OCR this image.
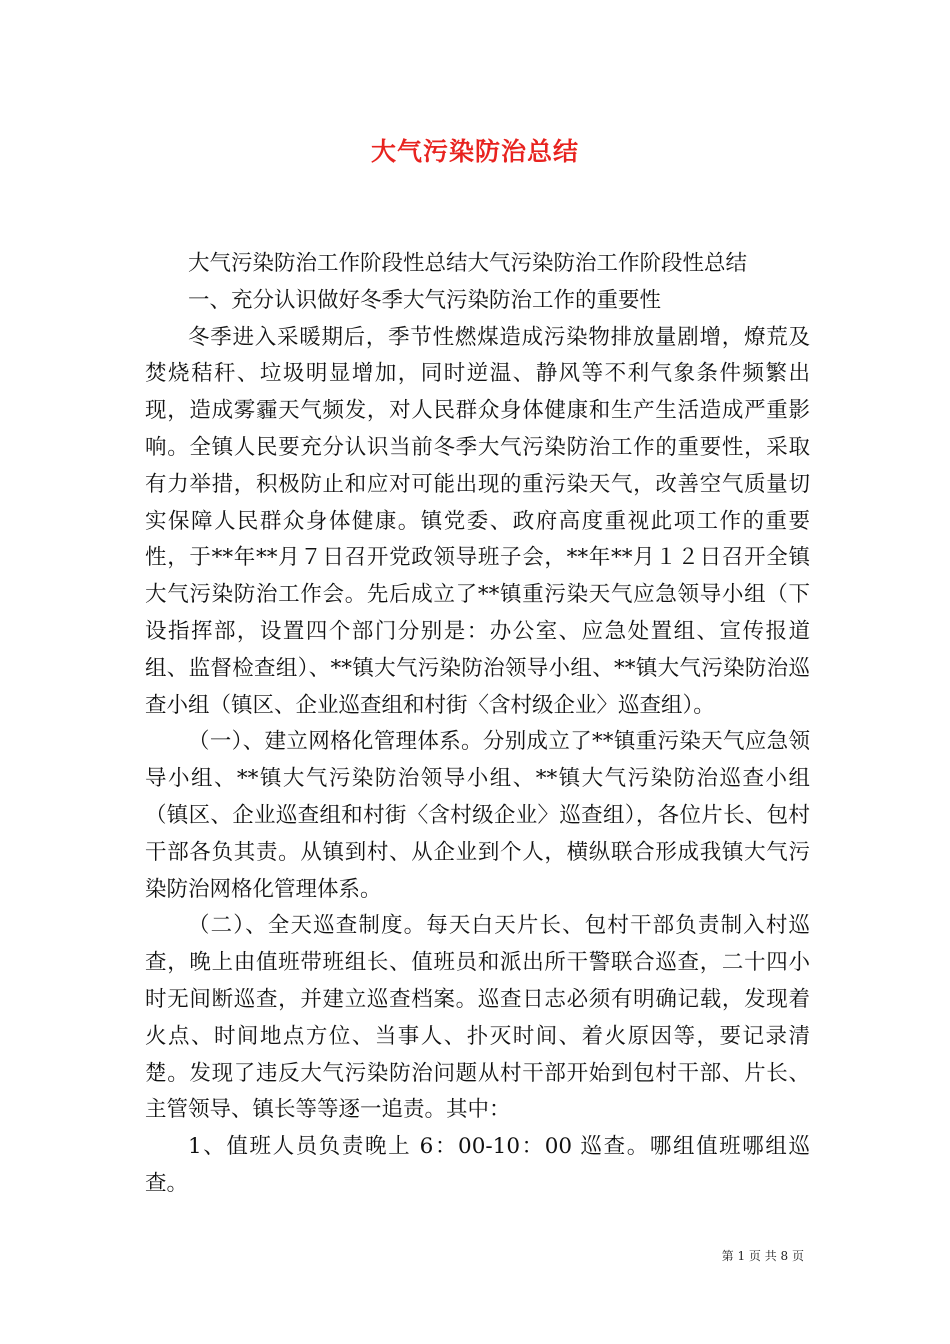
大气污染防治总结

大气污染防治工作阶段性总结大气污染防治工作阶段性总结

一、充分认识做好冬季大气污染防治工作的重要性

冬季进入采暖期后，季节性燃煤造成污染物排放量剧增，燎荒及焚烧秸秆、垃圾明显增加，同时逆温、静风等不利气象条件频繁出现，造成雾霾天气频发，对人民群众身体健康和生产生活造成严重影响。全镇人民要充分认识当前冬季大气污染防治工作的重要性，采取有力举措，积极防止和应对可能出现的重污染天气，改善空气质量切实保障人民群众身体健康。镇党委、政府高度重视此项工作的重要性，于**年**月７日召开党政领导班子会，**年**月１２日召开全镇大气污染防治工作会。先后成立了**镇重污染天气应急领导小组（下设指挥部，设置四个部门分别是：办公室、应急处置组、宣传报道组、监督检查组）、**镇大气污染防治领导小组、**镇大气污染防治巡查小组（镇区、企业巡查组和村街〈含村级企业〉巡查组）。

（一）、建立网格化管理体系。分别成立了**镇重污染天气应急领导小组、**镇大气污染防治领导小组、**镇大气污染防治巡查小组（镇区、企业巡查组和村街〈含村级企业〉巡查组），各位片长、包村干部各负其责。从镇到村、从企业到个人，横纵联合形成我镇大气污染防治网格化管理体系。

（二）、全天巡查制度。每天白天片长、包村干部负责制入村巡查，晚上由值班带班组长、值班员和派出所干警联合巡查，二十四小时无间断巡查，并建立巡查档案。巡查日志必须有明确记载，发现着火点、时间地点方位、当事人、扑灭时间、着火原因等，要记录清楚。发现了违反大气污染防治问题从村干部开始到包村干部、片长、主管领导、镇长等等逐一追责。其中：

1、值班人员负责晚上 6：00-10：00 巡查。哪组值班哪组巡查。

第 1 页 共 8 页
